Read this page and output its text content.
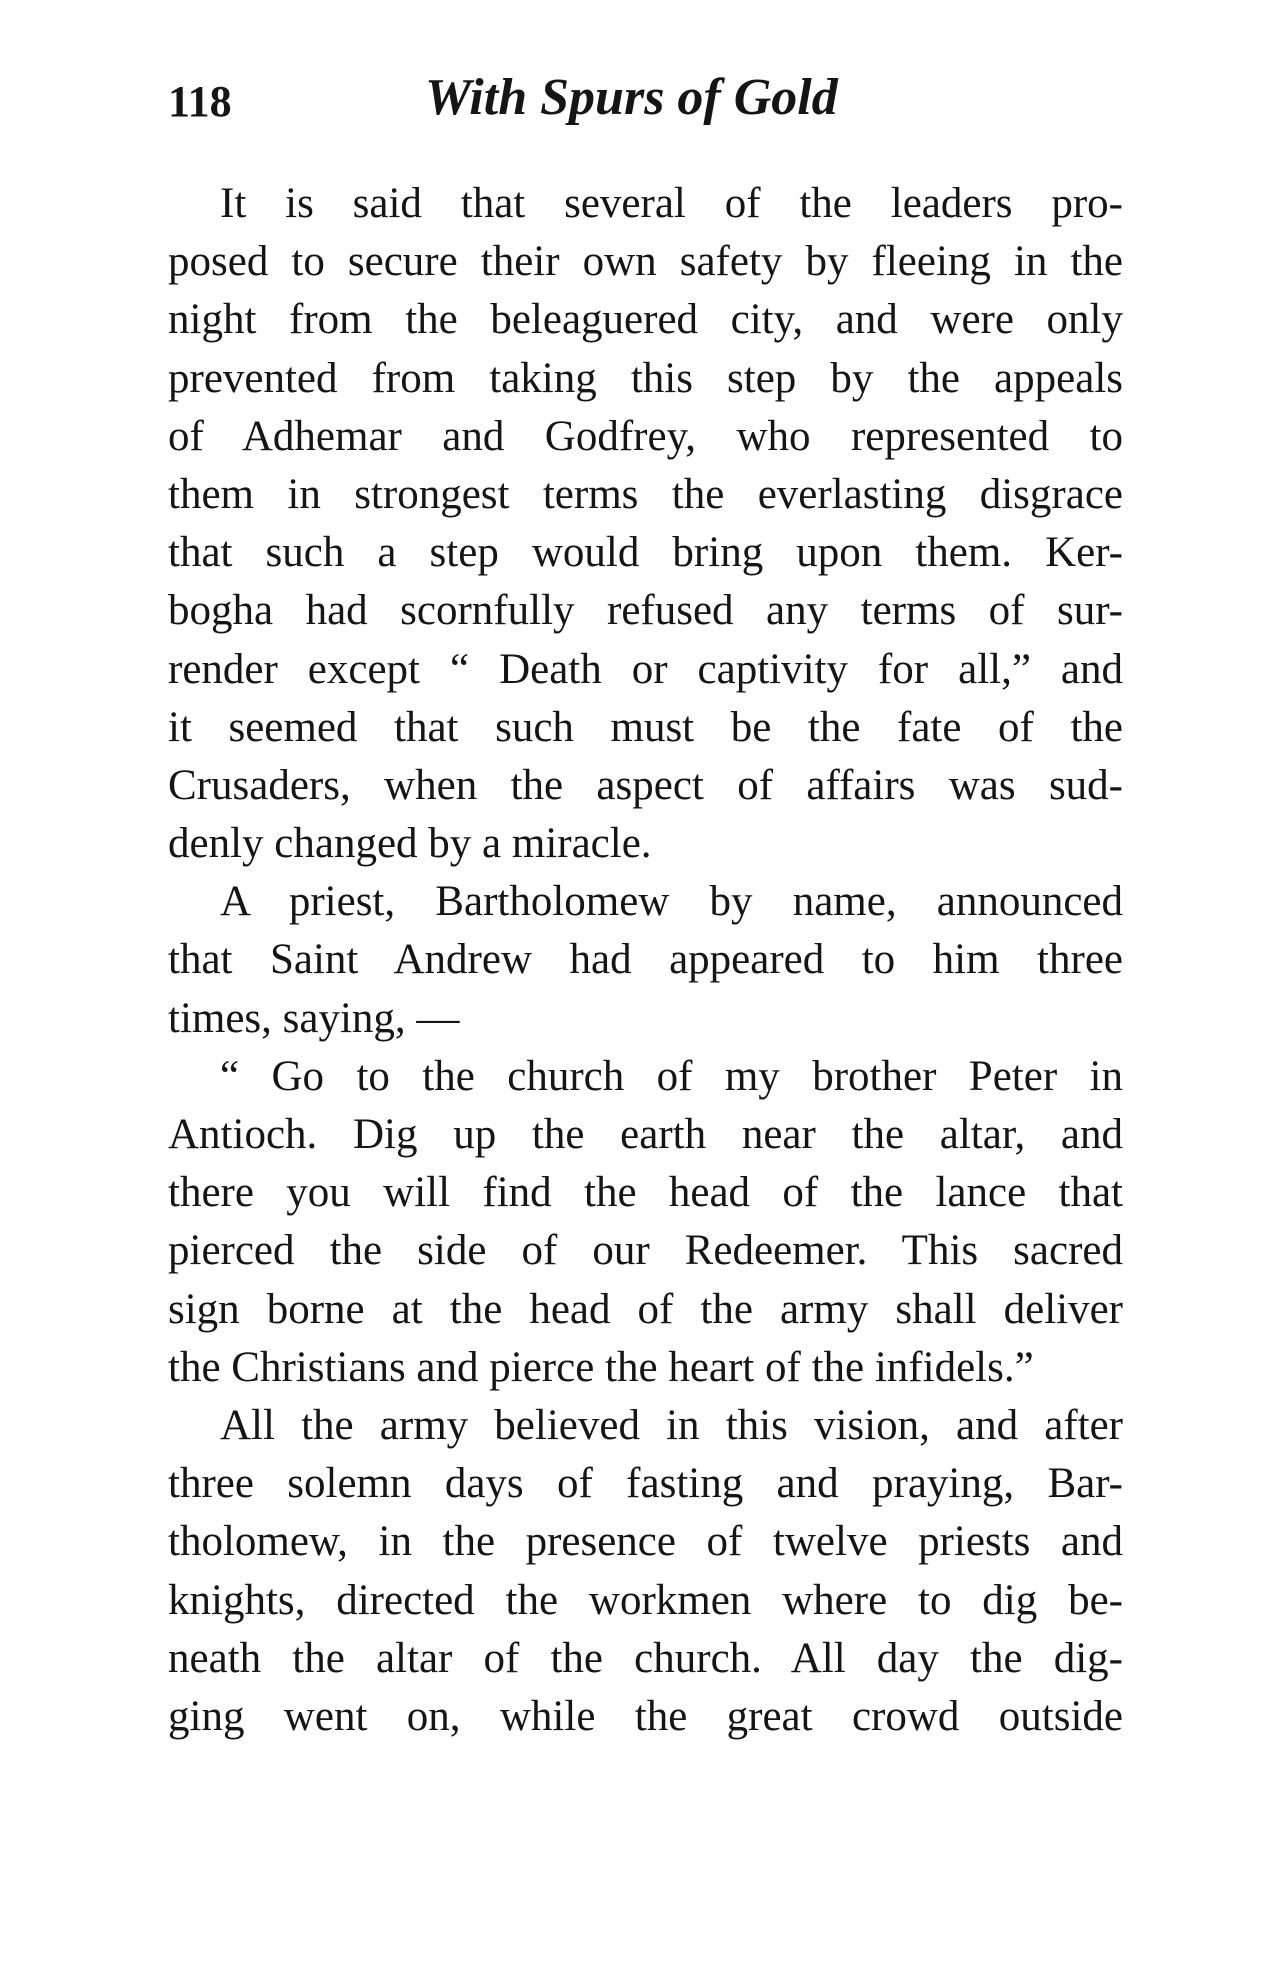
118	With Spurs of Gold
It is said that several of the leaders pro-
posed to secure their own safety by fleeing in the
night from the beleaguered city, and were only
prevented from taking this step by the appeals
of Adhemar and Godfrey, who represented to
them in strongest terms the everlasting disgrace
that such a step would bring upon them. Ker-
bogha had scornfully refused any terms of sur-
render except “ Death or captivity for all,” and
it seemed that such must be the fate of the
Crusaders, when the aspect of affairs was sud-
denly changed by a miracle.
A priest, Bartholomew by name, announced
that Saint Andrew had appeared to him three
times, saying, —
“ Go to the church of my brother Peter in
Antioch. Dig up the earth near the altar, and
there you will find the head of the lance that
pierced the side of our Redeemer. This sacred
sign borne at the head of the army shall deliver
the Christians and pierce the heart of the infidels.”
All the army believed in this vision, and after
three solemn days of fasting and praying, Bar-
tholomew, in the presence of twelve priests and
knights, directed the workmen where to dig be-
neath the altar of the church. All day the dig-
ging went on, while the great crowd outside
